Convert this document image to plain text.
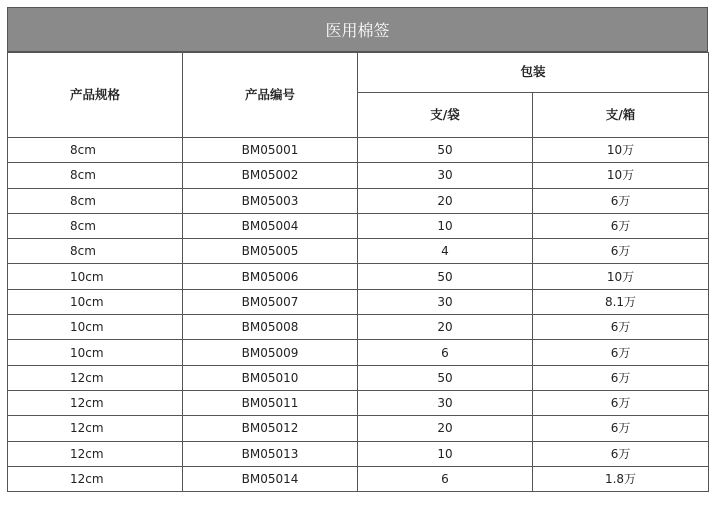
医用棉签
产品规格	产品编号	包装	
		支/袋	支/箱
8cm	BM05001	50	10万
8cm	BM05002	30	10万
8cm	BM05003	20	6万
8cm	BM05004	10	6万
8cm	BM05005	4	6万
10cm	BM05006	50	10万
10cm	BM05007	30	8.1万
10cm	BM05008	20	6万
10cm	BM05009	6	6万
12cm	BM05010	50	6万
12cm	BM05011	30	6万
12cm	BM05012	20	6万
12cm	BM05013	10	6万
12cm	BM05014	6	1.8万
